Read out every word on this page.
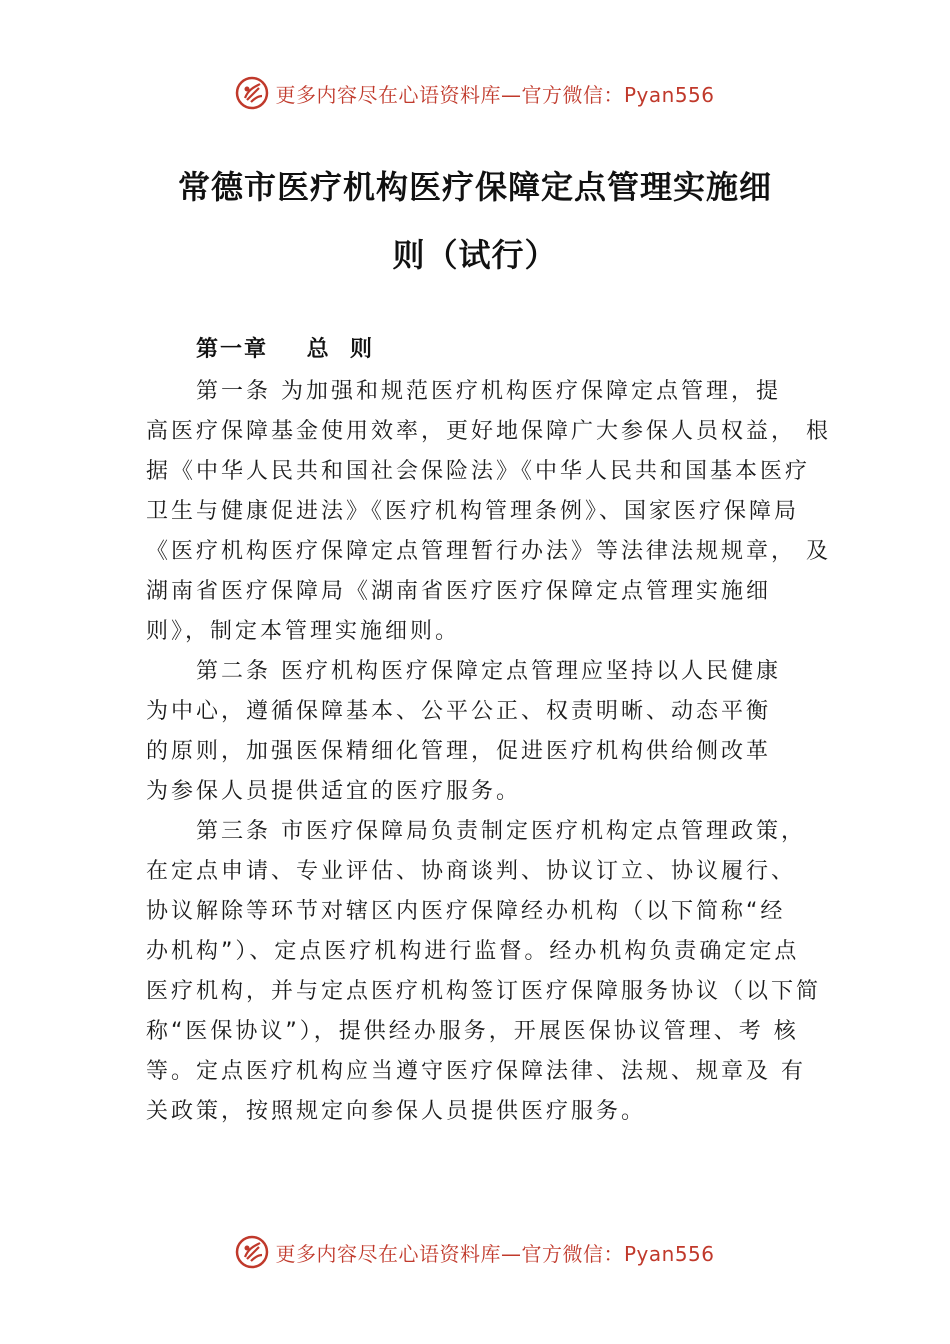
更多内容尽在心语资料库—官方微信：Pyan556
常德市医疗机构医疗保障定点管理实施细
则（试行）
第一章    总  则
第一条 为加强和规范医疗机构医疗保障定点管理，提
高医疗保障基金使用效率，更好地保障广大参保人员权益， 根
据《中华人民共和国社会保险法》《中华人民共和国基本医疗
卫生与健康促进法》《医疗机构管理条例》、国家医疗保障局
《医疗机构医疗保障定点管理暂行办法》等法律法规规章， 及
湖南省医疗保障局《湖南省医疗医疗保障定点管理实施细
则》，制定本管理实施细则。
第二条 医疗机构医疗保障定点管理应坚持以人民健康
为中心，遵循保障基本、公平公正、权责明晰、动态平衡
的原则，加强医保精细化管理，促进医疗机构供给侧改革
为参保人员提供适宜的医疗服务。
第三条 市医疗保障局负责制定医疗机构定点管理政策，
在定点申请、专业评估、协商谈判、协议订立、协议履行、
协议解除等环节对辖区内医疗保障经办机构（以下简称“经
办机构”）、定点医疗机构进行监督。经办机构负责确定定点
医疗机构，并与定点医疗机构签订医疗保障服务协议（以下简
称“医保协议”），提供经办服务，开展医保协议管理、考 核
等。定点医疗机构应当遵守医疗保障法律、法规、规章及 有
关政策，按照规定向参保人员提供医疗服务。
更多内容尽在心语资料库—官方微信：Pyan556
